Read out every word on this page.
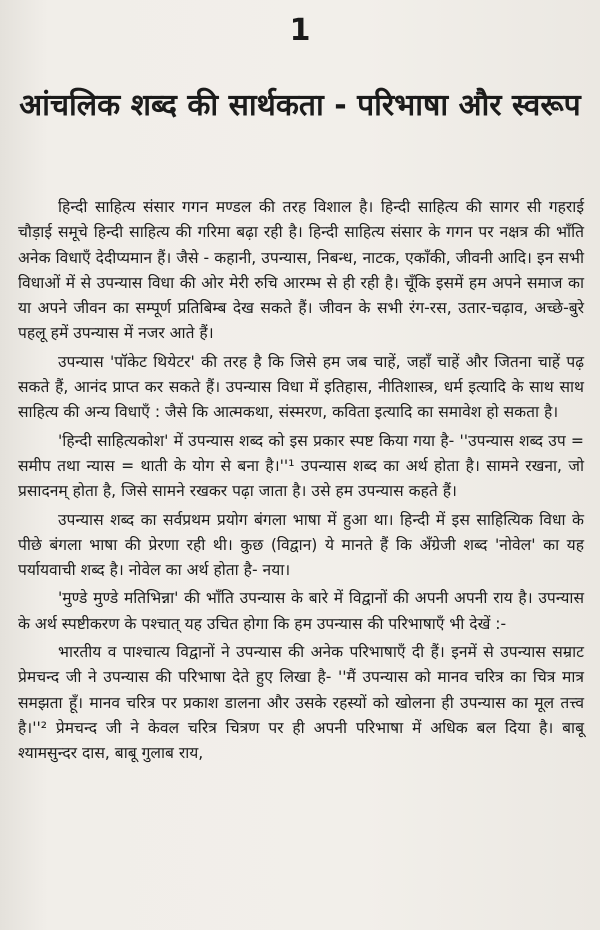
1
आंचलिक शब्द की सार्थकता - परिभाषा और स्वरूप

हिन्दी साहित्य संसार गगन मण्डल की तरह विशाल है। हिन्दी साहित्य की सागर सी गहराई चौड़ाई समूचे हिन्दी साहित्य की गरिमा बढ़ा रही है। हिन्दी साहित्य संसार के गगन पर नक्षत्र की भाँति अनेक विधाएँ देदीप्यमान हैं। जैसे - कहानी, उपन्यास, निबन्ध, नाटक, एकाँकी, जीवनी आदि। इन सभी विधाओं में से उपन्यास विधा की ओर मेरी रुचि आरम्भ से ही रही है। चूँकि इसमें हम अपने समाज का या अपने जीवन का सम्पूर्ण प्रतिबिम्ब देख सकते हैं। जीवन के सभी रंग-रस, उतार-चढ़ाव, अच्छे-बुरे पहलू हमें उपन्यास में नजर आते हैं।

उपन्यास 'पॉकेट थियेटर' की तरह है कि जिसे हम जब चाहें, जहाँ चाहें और जितना चाहें पढ़ सकते हैं, आनंद प्राप्त कर सकते हैं। उपन्यास विधा में इतिहास, नीतिशास्त्र, धर्म इत्यादि के साथ साथ साहित्य की अन्य विधाएँ : जैसे कि आत्मकथा, संस्मरण, कविता इत्यादि का समावेश हो सकता है।

'हिन्दी साहित्यकोश' में उपन्यास शब्द को इस प्रकार स्पष्ट किया गया है- ''उपन्यास शब्द उप = समीप तथा न्यास = थाती के योग से बना है।''¹ उपन्यास शब्द का अर्थ होता है। सामने रखना, जो प्रसादनम् होता है, जिसे सामने रखकर पढ़ा जाता है। उसे हम उपन्यास कहते हैं।

उपन्यास शब्द का सर्वप्रथम प्रयोग बंगला भाषा में हुआ था। हिन्दी में इस साहित्यिक विधा के पीछे बंगला भाषा की प्रेरणा रही थी। कुछ (विद्वान) ये मानते हैं कि अँग्रेजी शब्द 'नोवेल' का यह पर्यायवाची शब्द है। नोवेल का अर्थ होता है- नया।

'मुण्डे मुण्डे मतिभिन्ना' की भाँति उपन्यास के बारे में विद्वानों की अपनी अपनी राय है। उपन्यास के अर्थ स्पष्टीकरण के पश्चात् यह उचित होगा कि हम उपन्यास की परिभाषाएँ भी देखें :-

भारतीय व पाश्चात्य विद्वानों ने उपन्यास की अनेक परिभाषाएँ दी हैं। इनमें से उपन्यास सम्राट प्रेमचन्द जी ने उपन्यास की परिभाषा देते हुए लिखा है- ''मैं उपन्यास को मानव चरित्र का चित्र मात्र समझता हूँ। मानव चरित्र पर प्रकाश डालना और उसके रहस्यों को खोलना ही उपन्यास का मूल तत्त्व है।''² प्रेमचन्द जी ने केवल चरित्र चित्रण पर ही अपनी परिभाषा में अधिक बल दिया है। बाबू श्यामसुन्दर दास, बाबू गुलाब राय,
